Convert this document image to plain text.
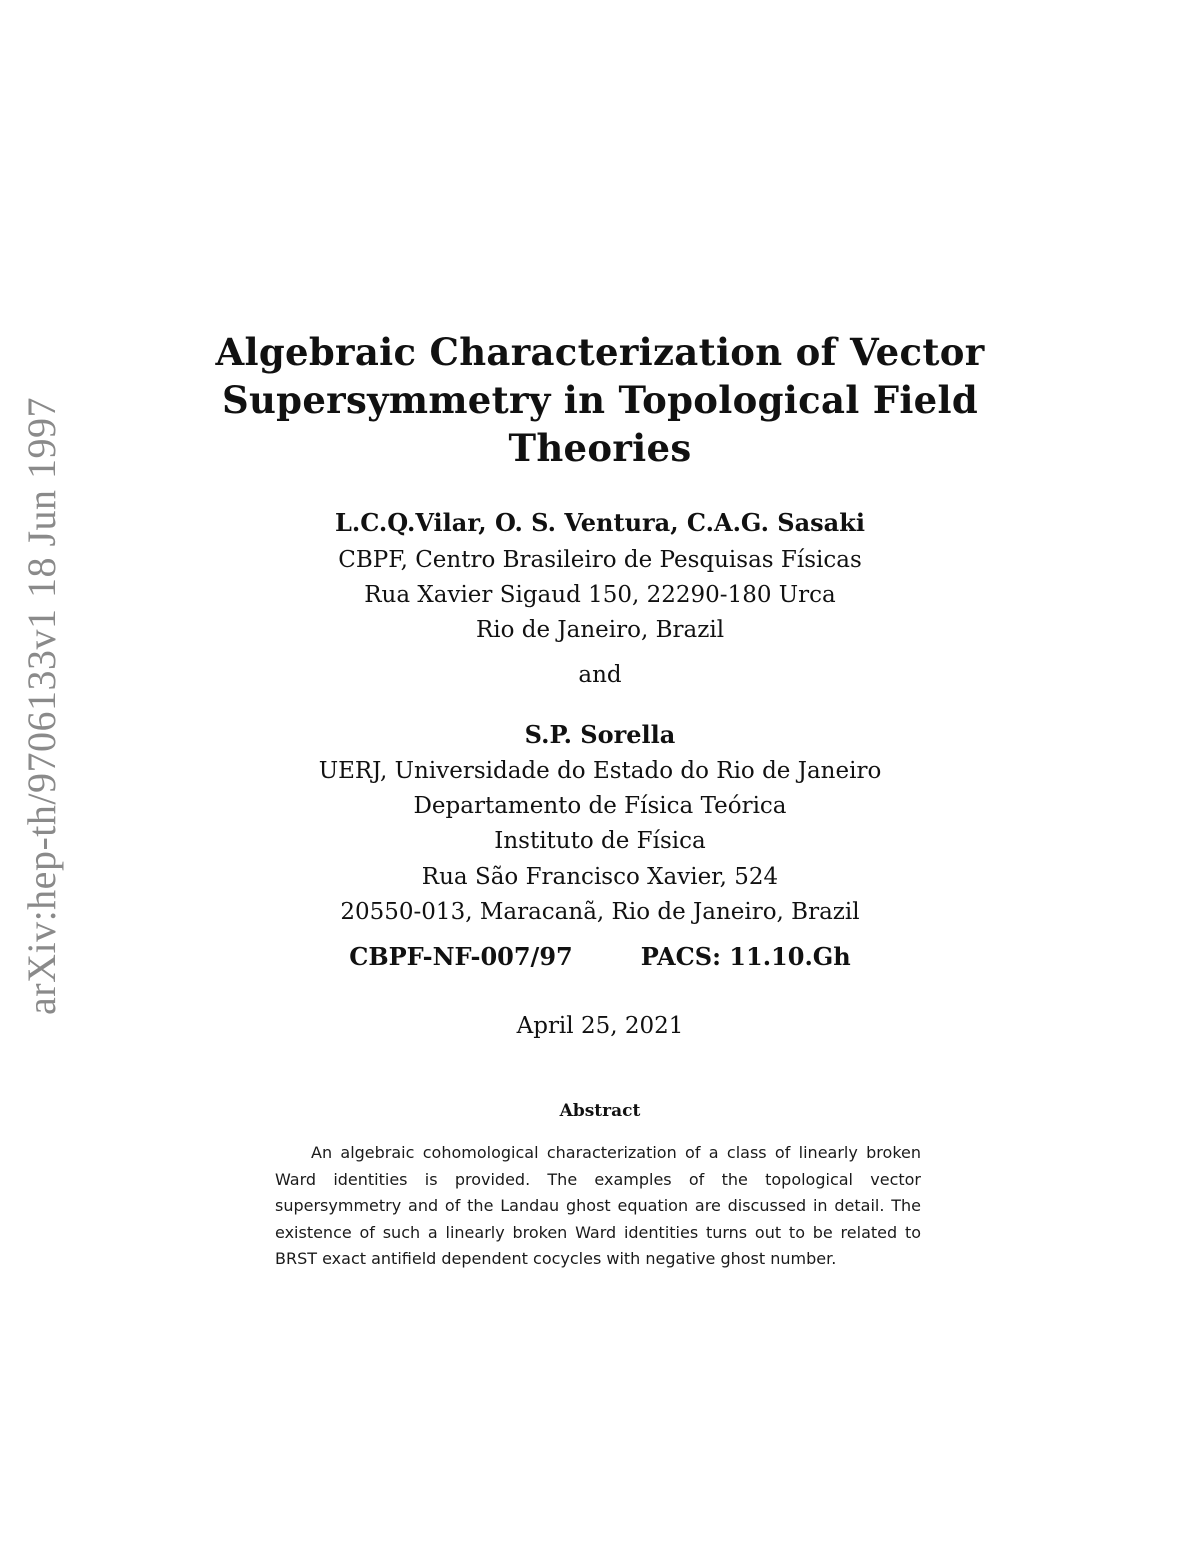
arXiv:hep-th/9706133v1 18 Jun 1997
Algebraic Characterization of Vector
Supersymmetry in Topological Field
Theories
L.C.Q.Vilar, O. S. Ventura, C.A.G. Sasaki
CBPF, Centro Brasileiro de Pesquisas Físicas
Rua Xavier Sigaud 150, 22290-180 Urca
Rio de Janeiro, Brazil
and
S.P. Sorella
UERJ, Universidade do Estado do Rio de Janeiro
Departamento de Física Teórica
Instituto de Física
Rua São Francisco Xavier, 524
20550-013, Maracanã, Rio de Janeiro, Brazil
CBPF-NF-007/97	PACS: 11.10.Gh
April 25, 2021
Abstract
An algebraic cohomological characterization of a class of linearly broken Ward identities is provided. The examples of the topological vector supersymmetry and of the Landau ghost equation are discussed in detail. The existence of such a linearly broken Ward identities turns out to be related to BRST exact antifield dependent cocycles with negative ghost number.
